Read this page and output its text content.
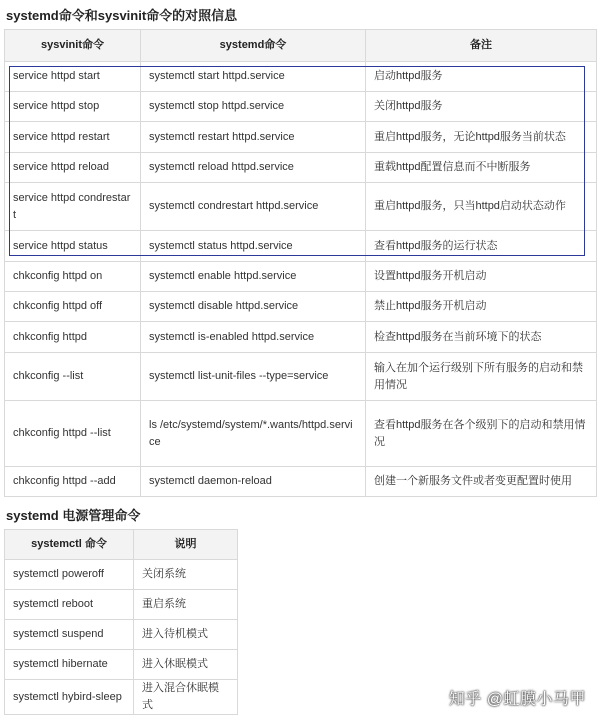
systemd命令和sysvinit命令的对照信息
sysvinit命令	systemd命令	备注
service httpd start	systemctl start httpd.service	启动httpd服务
service httpd stop	systemctl stop httpd.service	关闭httpd服务
service httpd restart	systemctl restart httpd.service	重启httpd服务，无论httpd服务当前状态
service httpd reload	systemctl reload httpd.service	重载httpd配置信息而不中断服务
service httpd condrestart	systemctl condrestart httpd.service	重启httpd服务，只当httpd启动状态动作
service httpd status	systemctl status httpd.service	查看httpd服务的运行状态
chkconfig httpd on	systemctl enable httpd.service	设置httpd服务开机启动
chkconfig httpd off	systemctl disable httpd.service	禁止httpd服务开机启动
chkconfig httpd	systemctl is-enabled httpd.service	检查httpd服务在当前环境下的状态
chkconfig --list	systemctl list-unit-files --type=service	输入在加个运行级别下所有服务的启动和禁用情况
chkconfig httpd --list	ls /etc/systemd/system/*.wants/httpd.service	查看httpd服务在各个级别下的启动和禁用情况
chkconfig httpd --add	systemctl daemon-reload	创建一个新服务文件或者变更配置时使用
systemd 电源管理命令
systemctl 命令	说明
systemctl poweroff	关闭系统
systemctl reboot	重启系统
systemctl suspend	进入待机模式
systemctl hibernate	进入休眠模式
systemctl hybird-sleep	进入混合休眠模式	知乎 @虹膜小马甲
